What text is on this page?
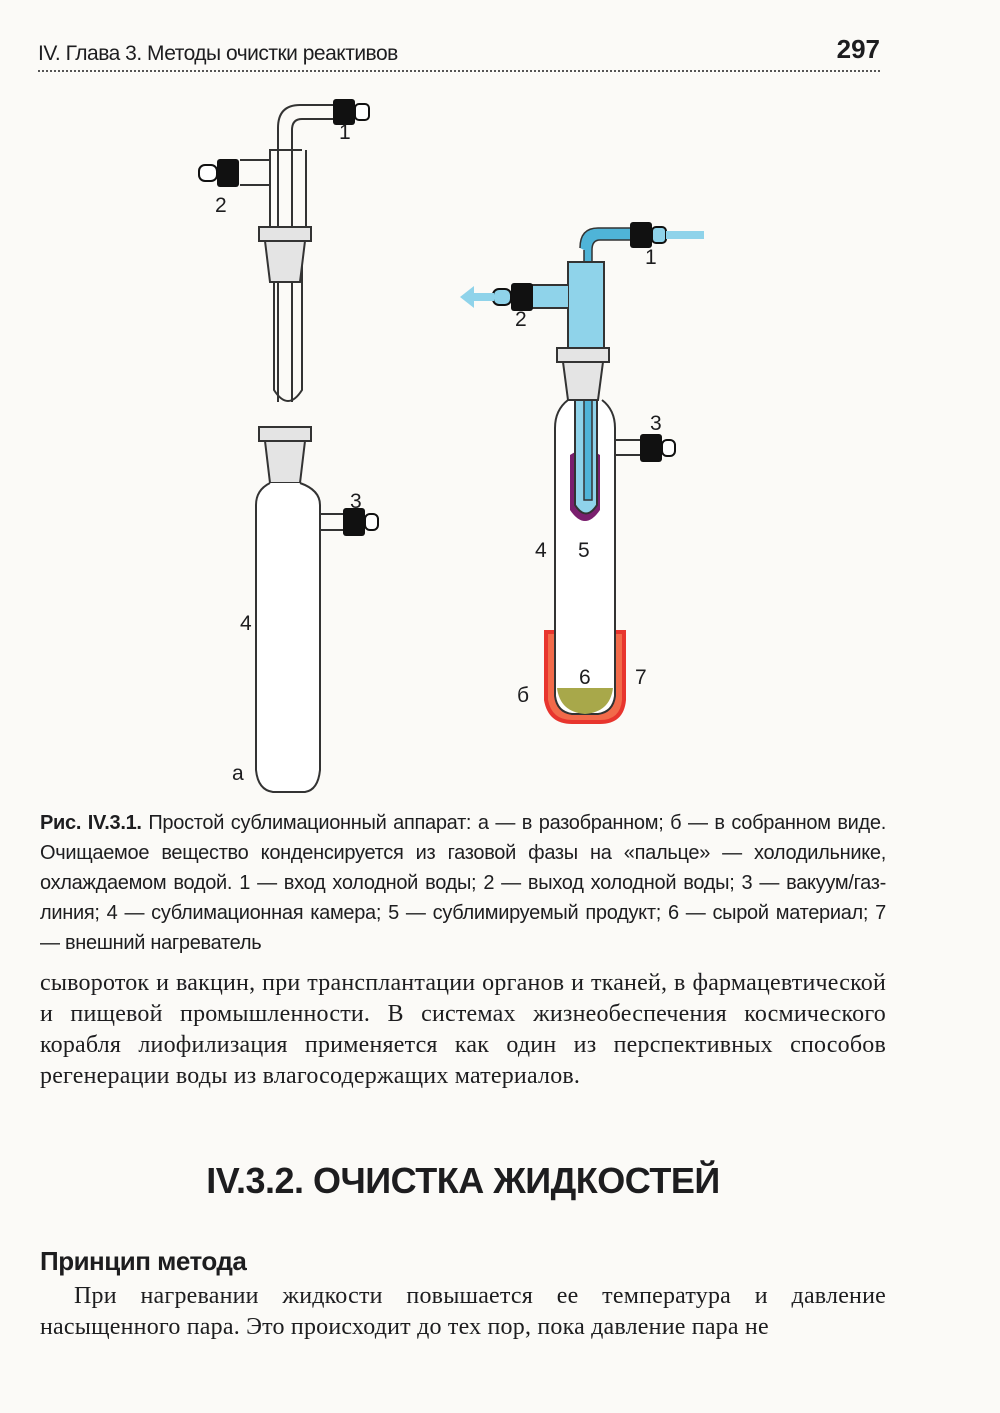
IV. Глава 3. Методы очистки реактивов	297
1
2
3
4
а
1
2
3
4 5
6 7
б
Рис. IV.3.1. Простой сублимационный аппарат: а — в разобранном; б — в собранном виде. Очищаемое вещество конденсируется из газовой фазы на «пальце» — холодильнике, охлаждаемом водой. 1 — вход холодной воды; 2 — выход холодной воды; 3 — вакуум/газ-линия; 4 — сублимационная камера; 5 — сублимируемый продукт; 6 — сырой материал; 7 — внешний нагреватель
сывороток и вакцин, при трансплантации органов и тканей, в фармацевтической и пищевой промышленности. В системах жизнеобеспечения космического корабля лиофилизация применяется как один из перспективных способов регенерации воды из влагосодержащих материалов.
IV.3.2. ОЧИСТКА ЖИДКОСТЕЙ
Принцип метода
При нагревании жидкости повышается ее температура и давление насыщенного пара. Это происходит до тех пор, пока давление пара не
